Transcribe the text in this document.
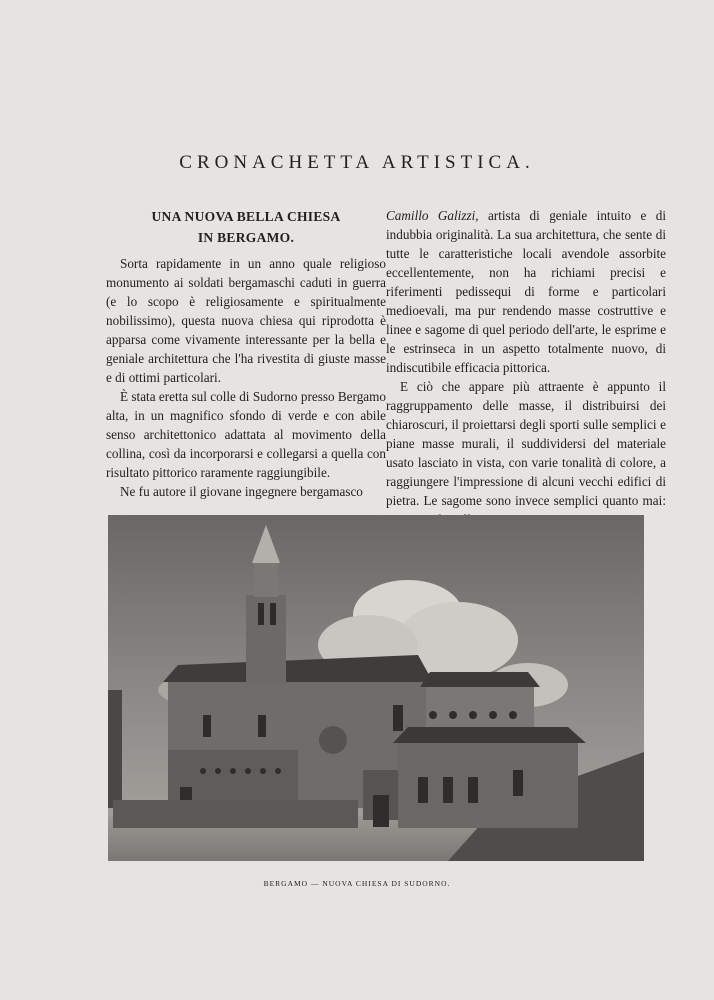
CRONACHETTA ARTISTICA.
UNA NUOVA BELLA CHIESA
IN BERGAMO.

Sorta rapidamente in un anno quale religioso monumento ai soldati bergamaschi caduti in guerra (e lo scopo è religiosamente e spiritualmente nobilissimo), questa nuova chiesa qui riprodotta è apparsa come vivamente interessante per la bella e geniale architettura che l'ha rivestita di giuste masse e di ottimi particolari.

È stata eretta sul colle di Sudorno presso Bergamo alta, in un magnifico sfondo di verde e con abile senso architettonico adattata al movimento della collina, così da incorporarsi e collegarsi a quella con risultato pittorico raramente raggiungibile.

Ne fu autore il giovane ingegnere bergamasco

Camillo Galizzi, artista di geniale intuito e di indubbia originalità. La sua architettura, che sente di tutte le caratteristiche locali avendole assorbite eccellentemente, non ha richiami precisi e riferimenti pedissequi di forme e particolari medioevali, ma pur rendendo masse costruttive e linee e sagome di quel periodo dell'arte, le esprime e le estrinseca in un aspetto totalmente nuovo, di indiscutibile efficacia pittorica.

E ciò che appare più attraente è appunto il raggruppamento delle masse, il distribuirsi dei chiaroscuri, il proiettarsi degli sporti sulle semplici e piane masse murali, il suddividersi del materiale usato lasciato in vista, con varie tonalità di colore, a raggiungere l'impressione di alcuni vecchi edifici di pietra. Le sagome sono invece semplici quanto mai:

BERGAMO — NUOVA CHIESA DI SUDORNO.
